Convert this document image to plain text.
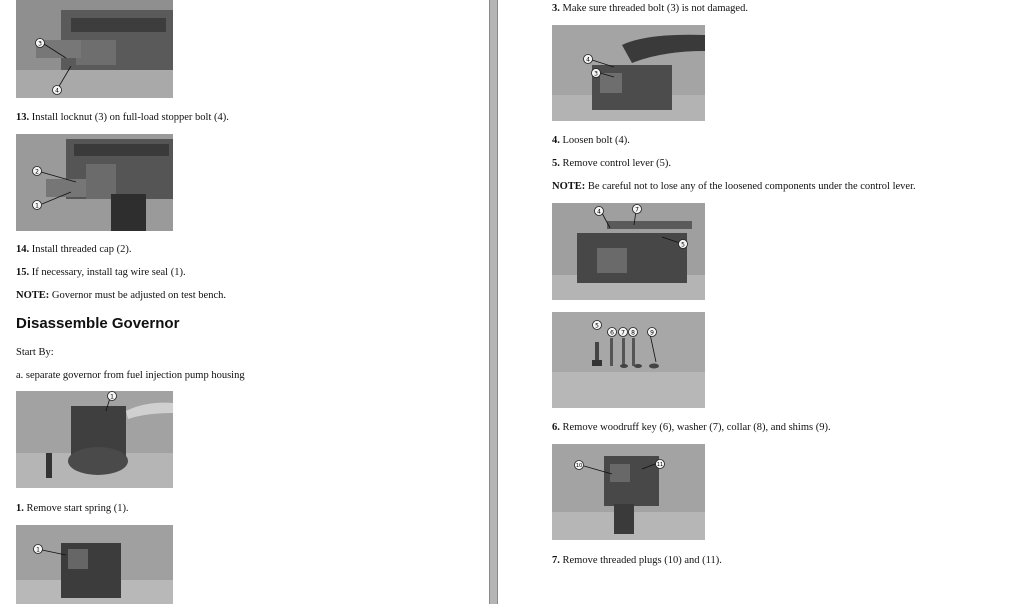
3
4
13. Install locknut (3) on full-load stopper bolt (4).
2
1
14. Install threaded cap (2).
15. If necessary, install tag wire seal (1).
NOTE: Governor must be adjusted on test bench.
Disassemble Governor
Start By:
a. separate governor from fuel injection pump housing
1
1. Remove start spring (1).
1
3. Make sure threaded bolt (3) is not damaged.
4
3
4. Loosen bolt (4).
5. Remove control lever (5).
NOTE: Be careful not to lose any of the loosened components under the control lever.
4	7
5
5
6 7 8	9
6. Remove woodruff key (6), washer (7), collar (8), and shims (9).
10	11
7. Remove threaded plugs (10) and (11).
